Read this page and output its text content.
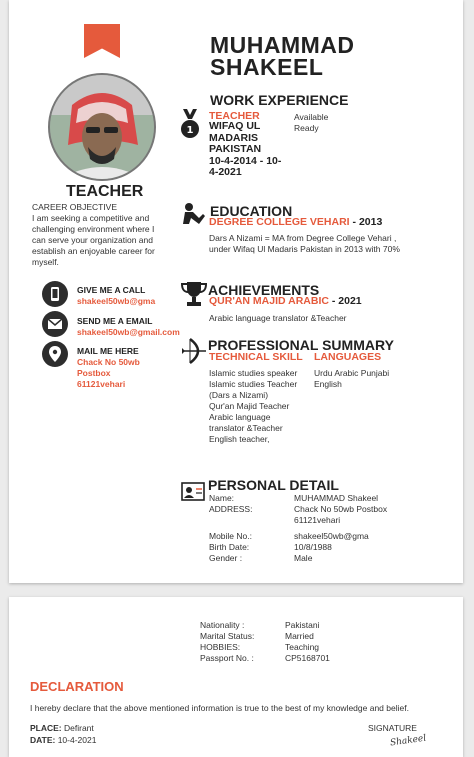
MUHAMMAD
SHAKEEL
TEACHER
CAREER OBJECTIVE
I am seeking a competitive and challenging environment where I can serve your organization and establish an enjoyable career for myself.
GIVE ME A CALL
shakeel50wb@gma
SEND ME A EMAIL
shakeel50wb@gmail.com
MAIL ME HERE
Chack No 50wb
Postbox
61121vehari
WORK EXPERIENCE
1
TEACHER
WIFAQ UL
MADARIS
PAKISTAN
10-4-2014 - 10-
4-2021
Available
Ready
EDUCATION
DEGREE COLLEGE VEHARI - 2013
Dars A Nizami = MA from Degree College Vehari ,
under Wifaq Ul Madaris Pakistan in 2013 with 70%
ACHIEVEMENTS
QUR'AN MAJID ARABIC - 2021
Arabic language translator &Teacher
PROFESSIONAL SUMMARY
TECHNICAL SKILL LANGUAGES
Islamic studies speaker
Islamic studies Teacher
(Dars a Nizami)
Qur'an Majid Teacher
Arabic language
translator &Teacher
English teacher,
Urdu Arabic Punjabi
English
PERSONAL DETAIL
Name:
ADDRESS:
Mobile No.:
Birth Date:
Gender :
MUHAMMAD Shakeel
Chack No 50wb Postbox
61121vehari
shakeel50wb@gma
10/8/1988
Male
Nationality :
Marital Status:
HOBBIES:
Passport No. :
Pakistani
Married
Teaching
CP5168701
DECLARATION
I hereby declare that the above mentioned information is true to the best of my knowledge and belief.
PLACE: Defirant
DATE: 10-4-2021
SIGNATURE
Shakeel
